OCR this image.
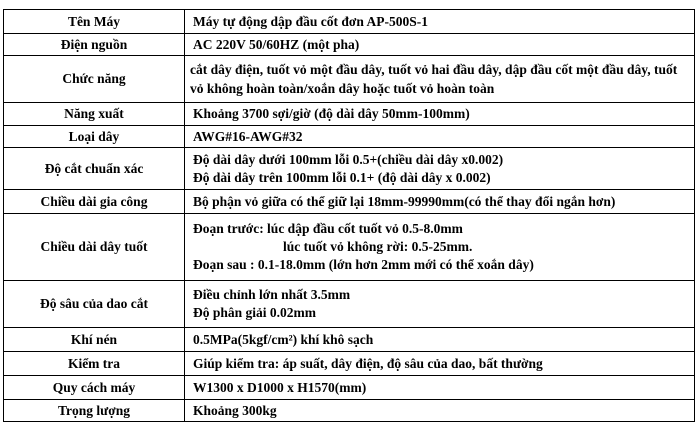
Tên Máy	Máy tự động dập đầu cốt đơn AP-500S-1
Điện nguồn	AC 220V 50/60HZ (một pha)
Chức năng	cắt dây điện, tuốt vỏ một đầu dây, tuốt vỏ hai đầu dây, dập đầu cốt một đầu dây, tuốt vỏ không hoàn toàn/xoắn dây hoặc tuốt vỏ hoàn toàn
Năng xuất	Khoảng 3700 sợi/giờ (độ dài dây 50mm-100mm)
Loại dây	AWG#16-AWG#32
Độ cắt chuẩn xác	Độ dài dây dưới 100mm lỗi 0.5+(chiều dài dây x0.002)
Độ dài dây trên 100mm lỗi 0.1+ (độ dài dây x 0.002)

Chiều dài gia công	Bộ phận vỏ giữa có thể giữ lại 18mm-99990mm(có thể thay đổi ngắn hơn)
Chiều dài dây tuốt	Đoạn trước: lúc dập đầu cốt tuốt vỏ 0.5-8.0mm
lúc tuốt vỏ không rời: 0.5-25mm.
Đoạn sau : 0.1-18.0mm (lớn hơn 2mm mới có thể xoắn dây)

Độ sâu của dao cắt	Điều chỉnh lớn nhất 3.5mm
Độ phân giải 0.02mm

Khí nén	0.5MPa(5kgf/cm²) khí khô sạch
Kiểm tra	Giúp kiểm tra: áp suất, dây điện, độ sâu của dao, bất thường
Quy cách máy	W1300 x D1000 x H1570(mm)
Trọng lượng	Khoảng 300kg
